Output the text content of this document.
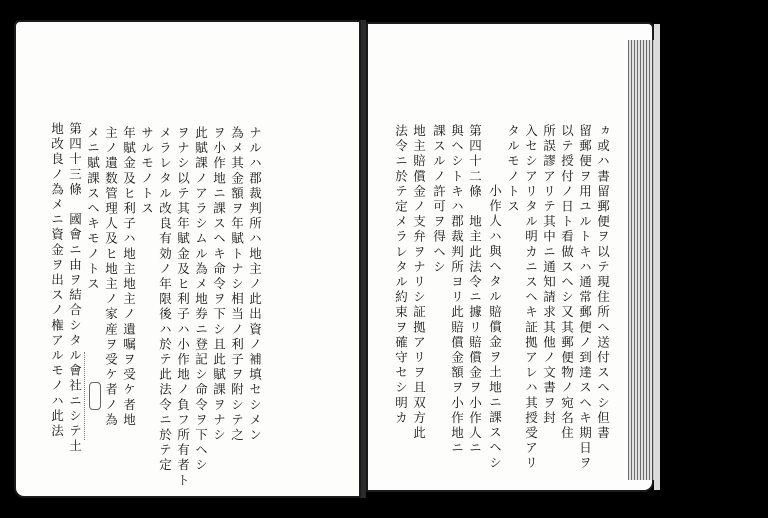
ナルハ郡裁判所ハ地主ノ此出資ノ補填セシメン
為メ其金額ヲ年賦トナシ相当ノ利子ヲ附シテ之
ヲ小作地ニ課スヘキ命令ヲ下シ且此賦課ヲナシ
此賦課ノアラシムル為メ地券ニ登記シ命令ヲ下ヘシ
ヲナシ以テ其年賦金及ヒ利子ハ小作地ノ負フ所有者ト
メラレタル改良有効ノ年限後ハ於テ此法令ニ於テ定
サルモノトス
年賦金及ヒ利子ハ地主地主ノ遺嘱ヲ受ケ者地
主ノ遺数管理人及ヒ地主ノ家産ヲ受ケ者ノ為
メニ賦課スヘキモノトス
第四十三條　國會ニ由ヲ結合シタル會社ニシテ土
地改良ノ為メニ資金ヲ出スノ権アルモノハ此法	ヵ或ハ書留郵便ヲ以テ現住所ヘ送付スヘシ但書
留郵便ヲ用ユルトキハ通常郵便ノ到達スヘキ期日ヲ
以テ授付ノ日ト看做スヘシ又其郵便物ノ宛名住
所誤謬アリテ其中ニ通知請求其他ノ文書ヲ封
入セシアリタル明カニスヘキ証拠アレハ其授受アリ
タルモノトス
小作人ハ與ヘタル賠償金ヲ土地ニ課スヘシ
第四十二條　地主此法令ニ據リ賠償金ヲ小作人ニ
與ヘシトキハ郡裁判所ヨリ此賠償金額ヲ小作地ニ
課スルノ許可ヲ得ヘシ
地主賠償金ノ支弁ヲナリシ証拠アリヲ且双方此
法令ニ於テ定メラレタル約束ヲ確守セシ明カ
